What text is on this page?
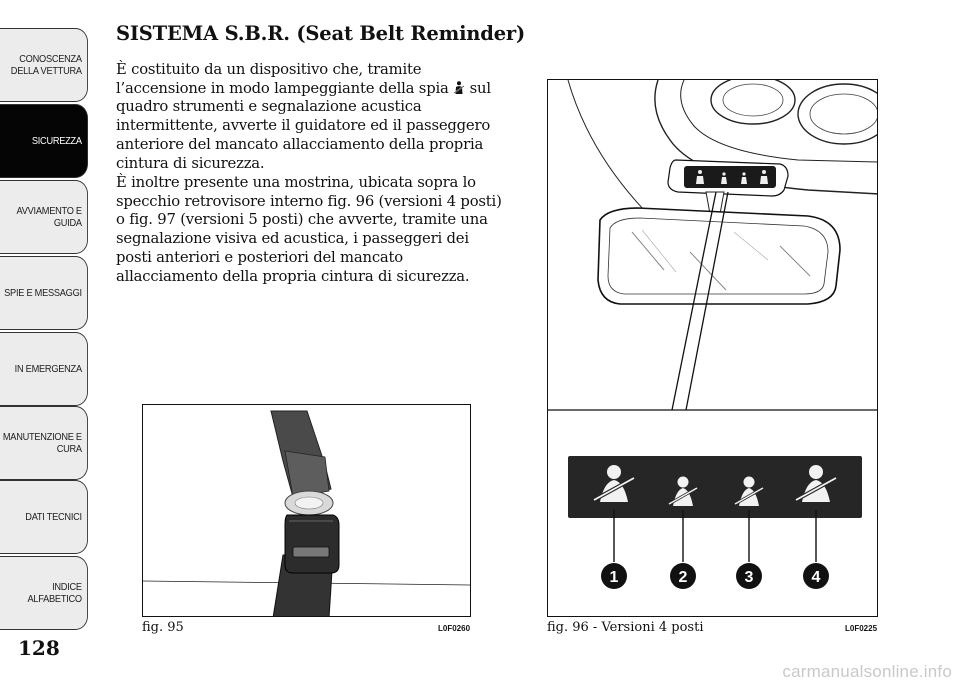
CONOSCENZA
DELLA VETTURA
SICUREZZA
AVVIAMENTO E
GUIDA
SPIE E MESSAGGI
IN EMERGENZA
MANUTENZIONE E
CURA
DATI TECNICI
INDICE
ALFABETICO
128
SISTEMA S.B.R. (Seat Belt Reminder)
È costituito da un dispositivo che, tramite l’accensione in modo lampeggiante della spia  sul quadro strumenti e segnalazione acustica intermittente, avverte il guidatore ed il passeggero anteriore del mancato allacciamento della propria cintura di sicurezza.
È inoltre presente una mostrina, ubicata sopra lo specchio retrovisore interno fig. 96 (versioni 4 posti) o fig. 97 (versioni 5 posti) che avverte, tramite una segnalazione visiva ed acustica, i passeggeri dei posti anteriori e posteriori del mancato allacciamento della propria cintura di sicurezza.
fig. 95	L0F0260
1	2	3	4
fig. 96 - Versioni 4 posti	L0F0225
carmanualsonline.info
